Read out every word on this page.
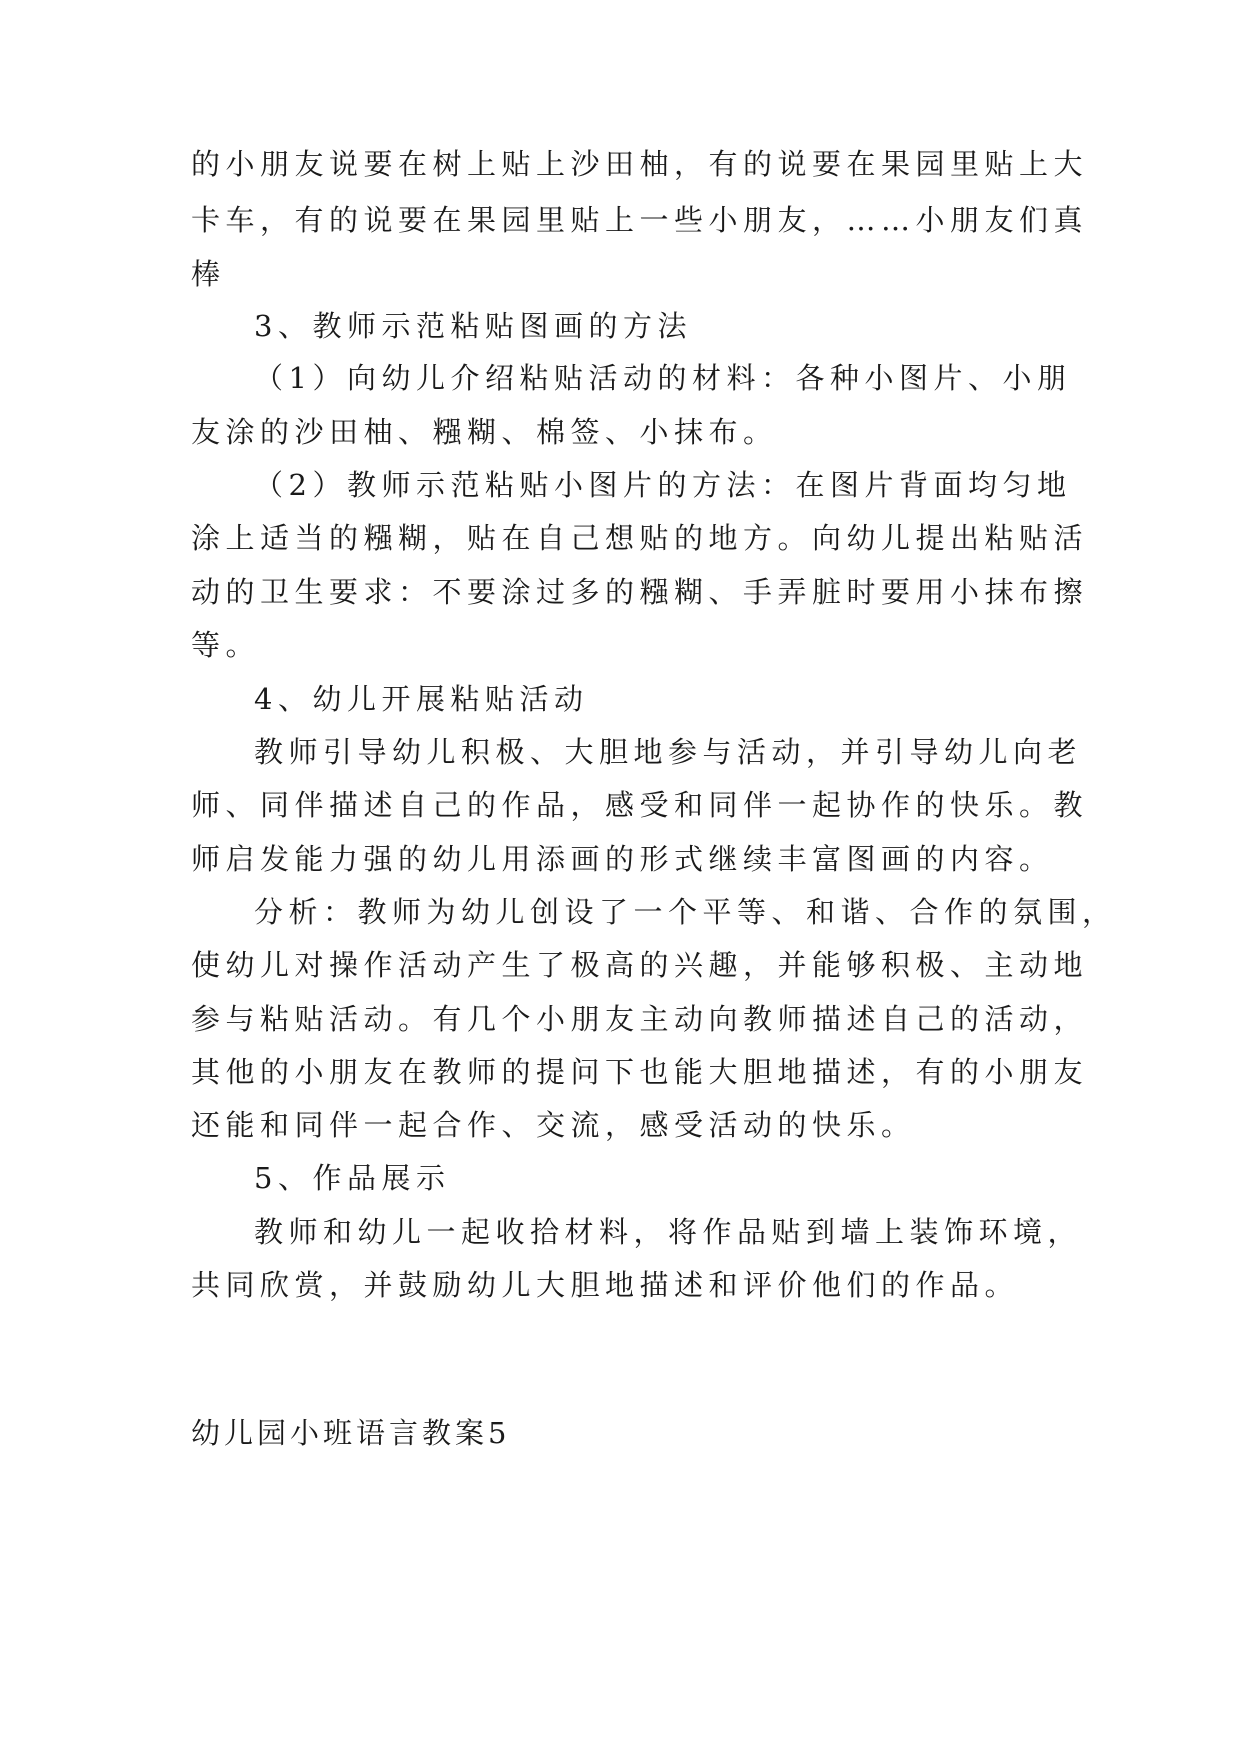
的小朋友说要在树上贴上沙田柚，有的说要在果园里贴上大

卡车，有的说要在果园里贴上一些小朋友，……小朋友们真

棒

3、教师示范粘贴图画的方法

（1）向幼儿介绍粘贴活动的材料：各种小图片、小朋

友涂的沙田柚、糨糊、棉签、小抹布。

（2）教师示范粘贴小图片的方法：在图片背面均匀地

涂上适当的糨糊，贴在自己想贴的地方。向幼儿提出粘贴活

动的卫生要求：不要涂过多的糨糊、手弄脏时要用小抹布擦

等。

4、幼儿开展粘贴活动

教师引导幼儿积极、大胆地参与活动，并引导幼儿向老

师、同伴描述自己的作品，感受和同伴一起协作的快乐。教

师启发能力强的幼儿用添画的形式继续丰富图画的内容。

分析：教师为幼儿创设了一个平等、和谐、合作的氛围，

使幼儿对操作活动产生了极高的兴趣，并能够积极、主动地

参与粘贴活动。有几个小朋友主动向教师描述自己的活动，

其他的小朋友在教师的提问下也能大胆地描述，有的小朋友

还能和同伴一起合作、交流，感受活动的快乐。

5、作品展示

教师和幼儿一起收拾材料，将作品贴到墙上装饰环境，

共同欣赏，并鼓励幼儿大胆地描述和评价他们的作品。

幼儿园小班语言教案5
